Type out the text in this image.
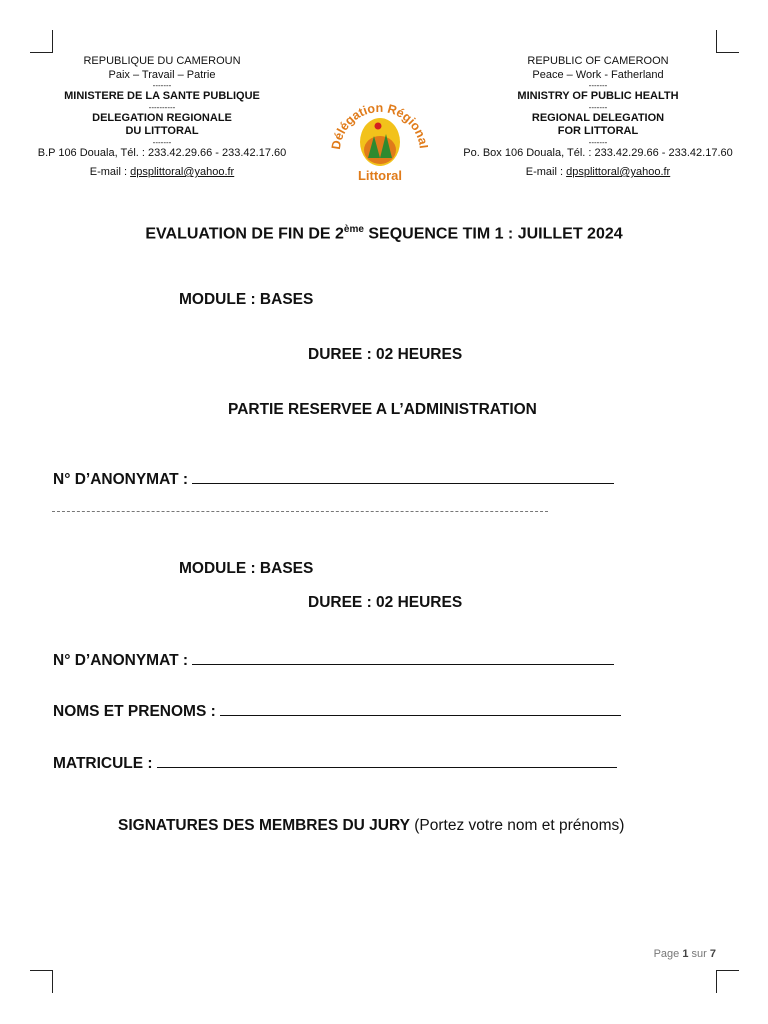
REPUBLIQUE DU CAMEROUN
Paix – Travail – Patrie
-------
MINISTERE DE LA SANTE PUBLIQUE
----------
DELEGATION REGIONALE
DU LITTORAL
-------
B.P 106 Douala, Tél. : 233.42.29.66 - 233.42.17.60
E-mail : dpsplittoral@yahoo.fr
REPUBLIC OF CAMEROON
Peace – Work - Fatherland
-------
MINISTRY OF PUBLIC HEALTH
-------
REGIONAL DELEGATION
FOR LITTORAL
-------
Po. Box 106 Douala, Tél. : 233.42.29.66 - 233.42.17.60
E-mail : dpsplittoral@yahoo.fr
Délégation Région
Littoral
EVALUATION DE FIN DE 2ème SEQUENCE TIM 1 : JUILLET 2024
MODULE : BASES
DUREE : 02 HEURES
PARTIE RESERVEE A L’ADMINISTRATION
N° D’ANONYMAT :
MODULE : BASES
DUREE : 02 HEURES
N° D’ANONYMAT :
NOMS ET PRENOMS :
MATRICULE :
SIGNATURES DES MEMBRES DU JURY (Portez votre nom et prénoms)
Page 1 sur 7
